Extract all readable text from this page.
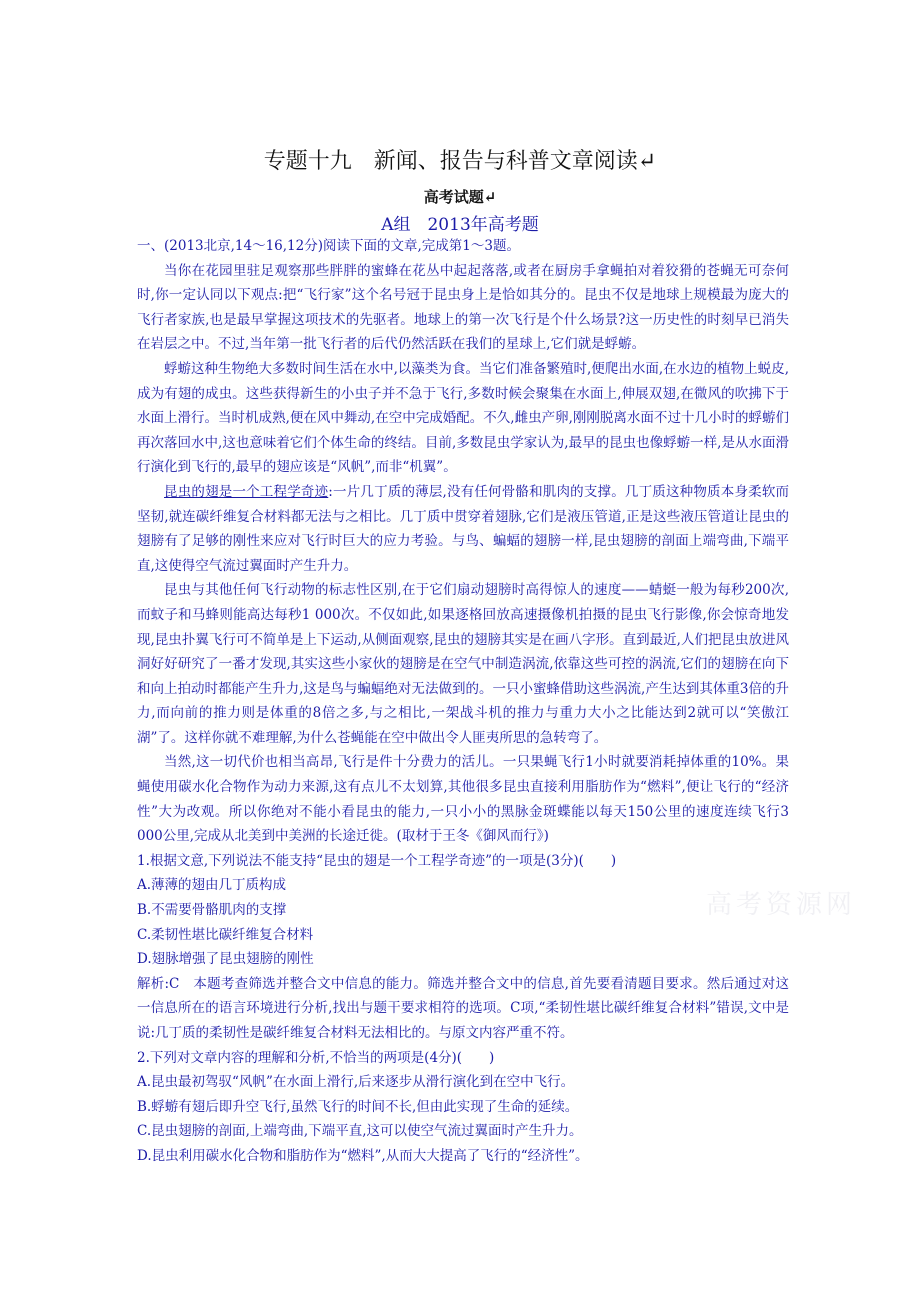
专题十九　新闻、报告与科普文章阅读↵
高考试题↵
A组　2013年高考题

一、(2013北京,14～16,12分)阅读下面的文章,完成第1～3题。

当你在花园里驻足观察那些胖胖的蜜蜂在花丛中起起落落,或者在厨房手拿蝇拍对着狡猾的苍蝇无可奈何时,你一定认同以下观点:把“飞行家”这个名号冠于昆虫身上是恰如其分的。昆虫不仅是地球上规模最为庞大的飞行者家族,也是最早掌握这项技术的先驱者。地球上的第一次飞行是个什么场景?这一历史性的时刻早已消失在岩层之中。不过,当年第一批飞行者的后代仍然活跃在我们的星球上,它们就是蜉蝣。

蜉蝣这种生物绝大多数时间生活在水中,以藻类为食。当它们准备繁殖时,便爬出水面,在水边的植物上蜕皮,成为有翅的成虫。这些获得新生的小虫子并不急于飞行,多数时候会聚集在水面上,伸展双翅,在微风的吹拂下于水面上滑行。当时机成熟,便在风中舞动,在空中完成婚配。不久,雌虫产卵,刚刚脱离水面不过十几小时的蜉蝣们再次落回水中,这也意味着它们个体生命的终结。目前,多数昆虫学家认为,最早的昆虫也像蜉蝣一样,是从水面滑行演化到飞行的,最早的翅应该是“风帆”,而非“机翼”。

昆虫的翅是一个工程学奇迹:一片几丁质的薄层,没有任何骨骼和肌肉的支撑。几丁质这种物质本身柔软而坚韧,就连碳纤维复合材料都无法与之相比。几丁质中贯穿着翅脉,它们是液压管道,正是这些液压管道让昆虫的翅膀有了足够的刚性来应对飞行时巨大的应力考验。与鸟、蝙蝠的翅膀一样,昆虫翅膀的剖面上端弯曲,下端平直,这使得空气流过翼面时产生升力。

昆虫与其他任何飞行动物的标志性区别,在于它们扇动翅膀时高得惊人的速度——蜻蜓一般为每秒200次,而蚊子和马蜂则能高达每秒1 000次。不仅如此,如果逐格回放高速摄像机拍摄的昆虫飞行影像,你会惊奇地发现,昆虫扑翼飞行可不简单是上下运动,从侧面观察,昆虫的翅膀其实是在画八字形。直到最近,人们把昆虫放进风洞好好研究了一番才发现,其实这些小家伙的翅膀是在空气中制造涡流,依靠这些可控的涡流,它们的翅膀在向下和向上拍动时都能产生升力,这是鸟与蝙蝠绝对无法做到的。一只小蜜蜂借助这些涡流,产生达到其体重3倍的升力,而向前的推力则是体重的8倍之多,与之相比,一架战斗机的推力与重力大小之比能达到2就可以“笑傲江湖”了。这样你就不难理解,为什么苍蝇能在空中做出令人匪夷所思的急转弯了。

当然,这一切代价也相当高昂,飞行是件十分费力的活儿。一只果蝇飞行1小时就要消耗掉体重的10%。果蝇使用碳水化合物作为动力来源,这有点儿不太划算,其他很多昆虫直接利用脂肪作为“燃料”,便让飞行的“经济性”大为改观。所以你绝对不能小看昆虫的能力,一只小小的黑脉金斑蝶能以每天150公里的速度连续飞行3 000公里,完成从北美到中美洲的长途迁徙。(取材于王冬《御风而行》)

1.根据文意,下列说法不能支持“昆虫的翅是一个工程学奇迹”的一项是(3分)(　　)

A.薄薄的翅由几丁质构成

B.不需要骨骼肌肉的支撑

C.柔韧性堪比碳纤维复合材料

D.翅脉增强了昆虫翅膀的刚性

解析:C　本题考查筛选并整合文中信息的能力。筛选并整合文中的信息,首先要看清题目要求。然后通过对这一信息所在的语言环境进行分析,找出与题干要求相符的选项。C项,“柔韧性堪比碳纤维复合材料”错误,文中是说:几丁质的柔韧性是碳纤维复合材料无法相比的。与原文内容严重不符。

2.下列对文章内容的理解和分析,不恰当的两项是(4分)(　　)

A.昆虫最初驾驭“风帆”在水面上滑行,后来逐步从滑行演化到在空中飞行。

B.蜉蝣有翅后即升空飞行,虽然飞行的时间不长,但由此实现了生命的延续。

C.昆虫翅膀的剖面,上端弯曲,下端平直,这可以使空气流过翼面时产生升力。

D.昆虫利用碳水化合物和脂肪作为“燃料”,从而大大提高了飞行的“经济性”。

高考资源网
